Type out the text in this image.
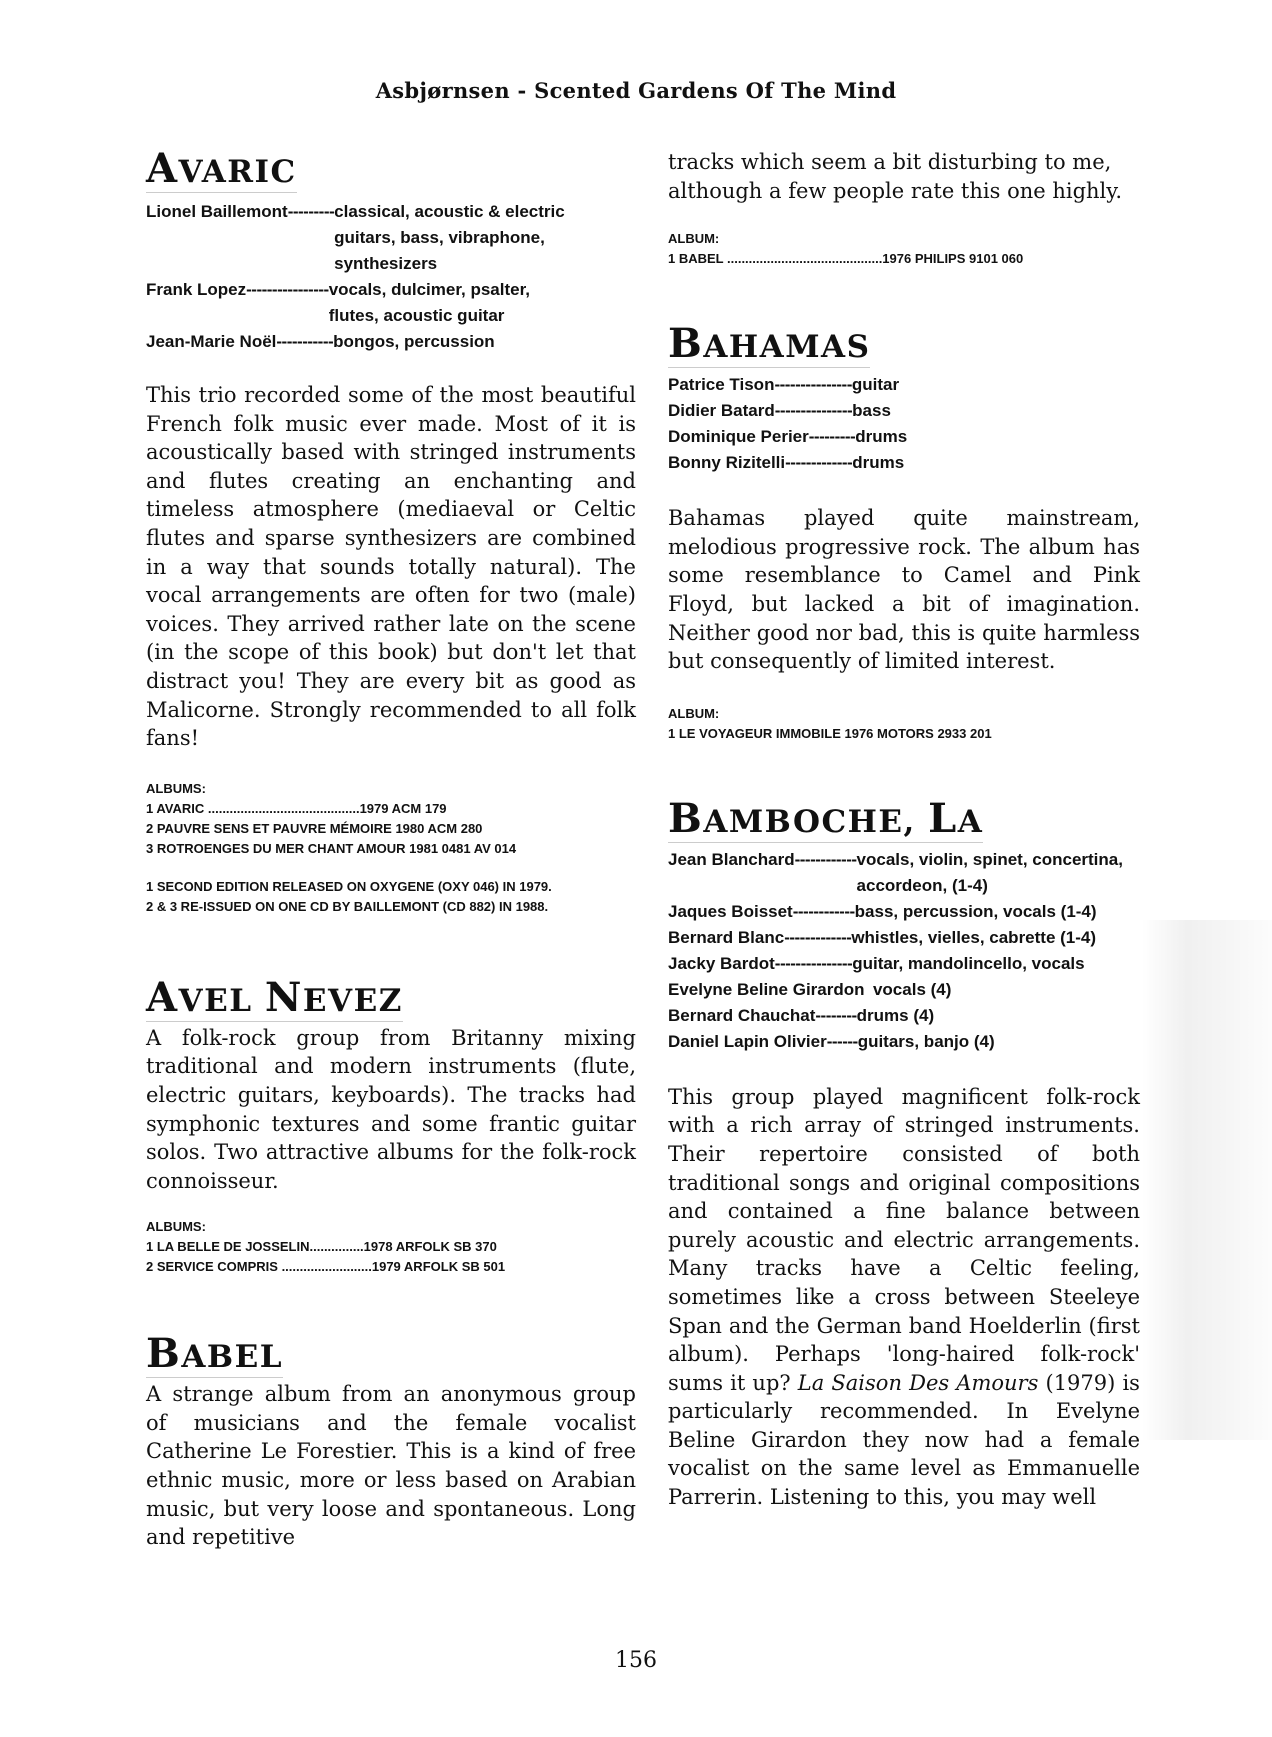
Asbjørnsen - Scented Gardens Of The Mind
AVARIC
Lionel Baillemont --------- classical, acoustic & electric guitars, bass, vibraphone, synthesizers
Frank Lopez ---------------- vocals, dulcimer, psalter, flutes, acoustic guitar
Jean-Marie Noël ----------- bongos, percussion

This trio recorded some of the most beautiful French folk music ever made. Most of it is acoustically based with stringed instruments and flutes creating an enchanting and timeless atmosphere (mediaeval or Celtic flutes and sparse synthesizers are combined in a way that sounds totally natural). The vocal arrangements are often for two (male) voices. They arrived rather late on the scene (in the scope of this book) but don't let that distract you! They are every bit as good as Malicorne. Strongly recommended to all folk fans!

ALBUMS:
1 AVARIC ..........................................1979 ACM 179
2 PAUVRE SENS ET PAUVRE MÉMOIRE 1980 ACM 280
3 ROTROENGES DU MER CHANT AMOUR 1981 0481 AV 014
1 SECOND EDITION RELEASED ON OXYGENE (OXY 046) IN 1979.
2 & 3 RE-ISSUED ON ONE CD BY BAILLEMONT (CD 882) IN 1988.
AVEL NEVEZ

A folk-rock group from Britanny mixing traditional and modern instruments (flute, electric guitars, keyboards). The tracks had symphonic textures and some frantic guitar solos. Two attractive albums for the folk-rock connoisseur.

ALBUMS:
1 LA BELLE DE JOSSELIN...............1978 ARFOLK SB 370
2 SERVICE COMPRIS .........................1979 ARFOLK SB 501
BABEL

A strange album from an anonymous group of musicians and the female vocalist Catherine Le Forestier. This is a kind of free ethnic music, more or less based on Arabian music, but very loose and spontaneous. Long and repetitive

tracks which seem a bit disturbing to me, although a few people rate this one highly.

ALBUM:
1 BABEL ...........................................1976 PHILIPS 9101 060
BAHAMAS
Patrice Tison --------------- guitar
Didier Batard --------------- bass
Dominique Perier --------- drums
Bonny Rizitelli ------------- drums

Bahamas played quite mainstream, melodious progressive rock. The album has some resemblance to Camel and Pink Floyd, but lacked a bit of imagination. Neither good nor bad, this is quite harmless but consequently of limited interest.

ALBUM:
1 LE VOYAGEUR IMMOBILE 1976 MOTORS 2933 201
BAMBOCHE, LA
Jean Blanchard ------------ vocals, violin, spinet, concertina, accordeon, (1-4)
Jaques Boisset ------------ bass, percussion, vocals (1-4)
Bernard Blanc ------------- whistles, vielles, cabrette (1-4)
Jacky Bardot --------------- guitar, mandolincello, vocals
Evelyne Beline Girardon
vocals (4)
Bernard Chauchat -------- drums (4)
Daniel Lapin Olivier ------ guitars, banjo (4)

This group played magnificent folk-rock with a rich array of stringed instruments. Their repertoire consisted of both traditional songs and original compositions and contained a fine balance between purely acoustic and electric arrangements. Many tracks have a Celtic feeling, sometimes like a cross between Steeleye Span and the German band Hoelderlin (first album). Perhaps 'long-haired folk-rock' sums it up? La Saison Des Amours (1979) is particularly recommended. In Evelyne Beline Girardon they now had a female vocalist on the same level as Emmanuelle Parrerin. Listening to this, you may well

156
